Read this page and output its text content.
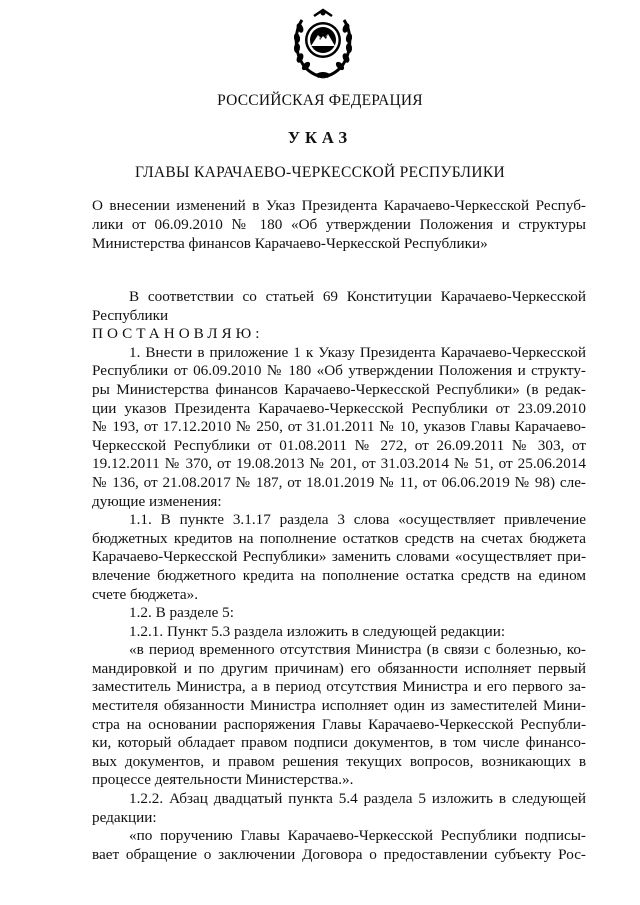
РОССИЙСКАЯ ФЕДЕРАЦИЯ
УКАЗ
ГЛАВЫ КАРАЧАЕВО-ЧЕРКЕССКОЙ РЕСПУБЛИКИ
О внесении изменений в Указ Президента Карачаево-Черкесской Респуб-
лики от 06.09.2010 № 180 «Об утверждении Положения и структуры
Министерства финансов Карачаево-Черкесской Республики»
В соответствии со статьей 69 Конституции Карачаево-Черкесской
Республики
ПОСТАНОВЛЯЮ:
1. Внести в приложение 1 к Указу Президента Карачаево-Черкесской
Республики от 06.09.2010 № 180 «Об утверждении Положения и структу-
ры Министерства финансов Карачаево-Черкесской Республики» (в редак-
ции указов Президента Карачаево-Черкесской Республики от 23.09.2010
№ 193, от 17.12.2010 № 250, от 31.01.2011 № 10, указов Главы Карачаево-
Черкесской Республики от 01.08.2011 № 272, от 26.09.2011 № 303, от
19.12.2011 № 370, от 19.08.2013 № 201, от 31.03.2014 № 51, от 25.06.2014
№ 136, от 21.08.2017 № 187, от 18.01.2019 № 11, от 06.06.2019 № 98) сле-
дующие изменения:
1.1. В пункте 3.1.17 раздела 3 слова «осуществляет привлечение
бюджетных кредитов на пополнение остатков средств на счетах бюджета
Карачаево-Черкесской Республики» заменить словами «осуществляет при-
влечение бюджетного кредита на пополнение остатка средств на едином
счете бюджета».
1.2. В разделе 5:
1.2.1. Пункт 5.3 раздела изложить в следующей редакции:
«в период временного отсутствия Министра (в связи с болезнью, ко-
мандировкой и по другим причинам) его обязанности исполняет первый
заместитель Министра, а в период отсутствия Министра и его первого за-
местителя обязанности Министра исполняет один из заместителей Мини-
стра на основании распоряжения Главы Карачаево-Черкесской Республи-
ки, который обладает правом подписи документов, в том числе финансо-
вых документов, и правом решения текущих вопросов, возникающих в
процессе деятельности Министерства.».
1.2.2. Абзац двадцатый пункта 5.4 раздела 5 изложить в следующей
редакции:
«по поручению Главы Карачаево-Черкесской Республики подписы-
вает обращение о заключении Договора о предоставлении субъекту Рос-
